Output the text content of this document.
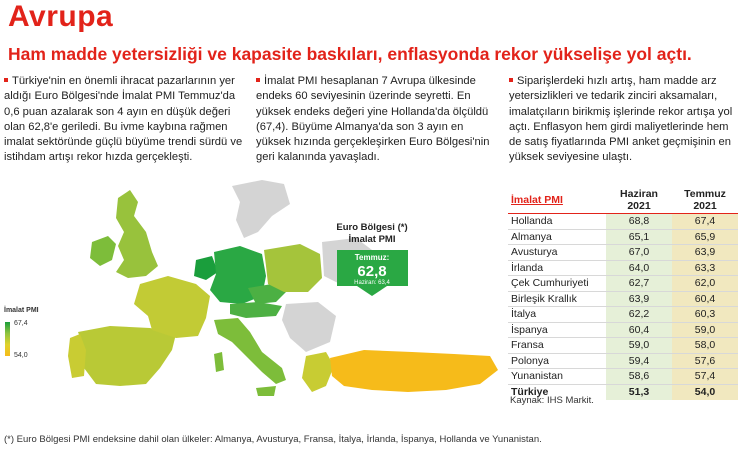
Avrupa
Ham madde yetersizliği ve kapasite baskıları, enflasyonda rekor yükselişe yol açtı.
Türkiye'nin en önemli ihracat pazarlarının yer aldığı Euro Bölgesi'nde İmalat PMI Temmuz'da 0,6 puan azalarak son 4 ayın en düşük değeri olan 62,8'e geriledi. Bu ivme kaybına rağmen imalat sektöründe güçlü büyüme trendi sürdü ve istihdam artışı rekor hızda gerçekleşti.
İmalat PMI hesaplanan 7 Avrupa ülkesinde endeks 60 seviyesinin üzerinde seyretti. En yüksek endeks değeri yine Hollanda'da ölçüldü (67,4). Büyüme Almanya'da son 3 ayın en yüksek hızında gerçekleşirken Euro Bölgesi'nin geri kalanında yavaşladı.
Siparişlerdeki hızlı artış, ham madde arz yetersizlikleri ve tedarik zinciri aksamaları, imalatçıların birikmiş işlerinde rekor artışa yol açtı. Enflasyon hem girdi maliyetlerinde hem de satış fiyatlarında PMI anket geçmişinin en yüksek seviyesine ulaştı.
Temmuz:
62,8
Haziran: 63,4
Euro Bölgesi (*) İmalat PMI
İmalat PMI
67,4
54,0
İmalat PMI	Haziran 2021	Temmuz 2021
Hollanda	68,8	67,4
Almanya	65,1	65,9
Avusturya	67,0	63,9
İrlanda	64,0	63,3
Çek Cumhuriyeti	62,7	62,0
Birleşik Krallık	63,9	60,4
İtalya	62,2	60,3
İspanya	60,4	59,0
Fransa	59,0	58,0
Polonya	59,4	57,6
Yunanistan	58,6	57,4
Türkiye	51,3	54,0
Kaynak: IHS Markit.
(*) Euro Bölgesi PMI endeksine dahil olan ülkeler: Almanya, Avusturya, Fransa, İtalya, İrlanda, İspanya, Hollanda ve Yunanistan.
